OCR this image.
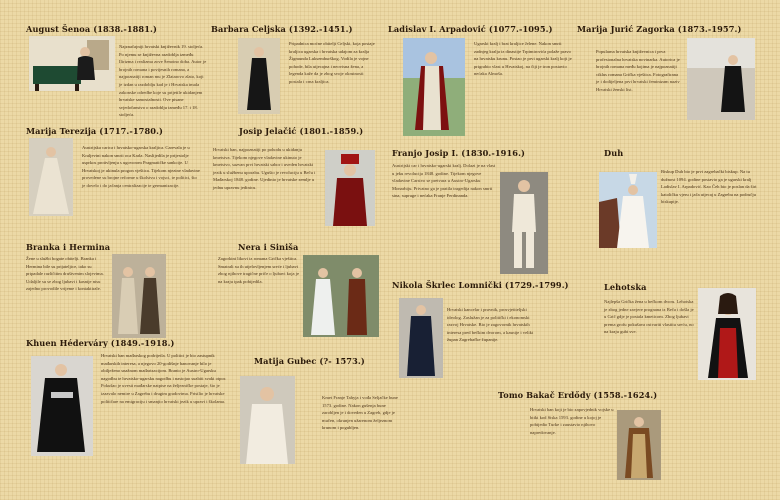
August Šenoa (1838.-1881.)
Najznačajniji hrvatski književnik 19. stoljeća. Po njemu se književna razdoblja između Ilirizma i realizma zove Šenoino doba. Autor je brojnih romana i povijesnih romana, a najpoznatiji roman mu je Zlatarovo zlato, koji je izdan u razdoblju kad je i Hrvatska imala zakonske odredbe koje su prijetile ukidanjem hrvatske samostalnosti. Ove pisane svjedočanstvo o razdoblju između 17. i 18. stoljeća.
Barbara Celjska (1392.-1451.)
Pripadnica moćne obitelji Celjski, koja postaje kraljica ugarska i hrvatska udajom za kralja Žigmunda Luksemburškog. Vodila je vojne pohode, bila utjecajna i neovisna žena, a legenda kaže da je zbog svoje okrutnosti postala i crna kraljica.
Ladislav I. Arpadović (1077.-1095.)
Ugarski kralj i brat kraljice Jelene. Nakon smrti zadnjeg kralja iz dinastije Trpimirovića polaže pravo na hrvatsku krunu. Postao je prvi ugarski kralj koji je prigrabio vlast u Hrvatskoj, na čiji je tron postavio nećaka Almoša.
Marija Jurić Zagorka (1873.-1957.)
Popularna hrvatska književnica i prva profesionalna hrvatska novinarka. Autorica je brojnih romana među kojima je najpoznatiji ciklus romana Grička vještica. Fotografirana je i dodijeljena prvi hrvatski feminizam naziv Hrvatski ženski list.
Marija Terezija (1717.-1780.)
Austrijska carica i hrvatsko-ugarska kraljica. Carevala je u Kraljevini nakon smrti oca Karla. Naslijedila je prijestolje usprkos protivljenju s ugovorom Pragmatičke sankcije. U Hrvatskoj je ukinula progon vještica. Tijekom njezine vladavine provedene su brojne reforme u školstvu i vojsci, te politici, što je dovelo i do jačanja centralizacije te germanizacije.
Josip Jelačić (1801.-1859.)
Hrvatski ban, najpoznatiji po pohodu u ukidanju kmetstva. Tijekom njegove vladavine ukinuto je kmetstvo, sazvan prvi hrvatski sabor i uveden hrvatski jezik u službenu uporabu. Ugušio je revoluciju u Beču i Mađarskoj 1848. godine. Ujedinio je hrvatske zemlje u jednu upravnu jedinicu.
Franjo Josip I. (1830.-1916.)
Austrijski car i hrvatsko-ugarski kralj. Dolazi je na vlast u jeku revolucija 1848. godine. Tijekom njegove vladavine Carstvo se pretvara u Austro-Ugarsku Monarhiju. Privatno ga je pratila tragedija nakon smrti sina, supruge i nećaka Franje Ferdinanda.
Duh
Biskup Duh bio je prvi zagrebački biskup. Na tu dužnost 1094. godine postavio ga je ugarski kralj Ladislav I. Arpadović. Kao Čeh bio je poslan da širi katoličku vjeru i jača utjecaj u Zagrebu na području biskupije.
Branka i Hermina
Žene u službi bogate obitelji. Branka i Hermina bile su prijateljice, iako su pripadale različitim društvenim slojevima. Udaljile su se zbog ljubavi i kasnije nisu zajedno provodile vrijeme i kontaktirale.
Nera i Siniša
Zagorkini likovi iz romana Grička vještica. Smatrali su ih utjelovljenjem sreće i ljubavi zbog njihove tragične priče o ljubavi koja je na kraju ipak pobijedila.	Nikola Škrlec Lomnički (1729.-1799.)
Hrvatski kancelar i pravnik, prosvjetiteljski ideolog. Zaslužan je za politički i ekonomski razvoj Hrvatske. Bio je zagovornik hrvatskih interesa pred bečkim dvorom, a kasnije i veliki župan Zagrebačke županije.
Lehotska
Najlepša Grička žena u bečkom dvoru. Lehotska je zbog jedne zavjere prognana iz Beča i došla je u Grič gdje je postala kmeticom. Zbog ljubavi prema grofu pokušava ostvariti vlastitu sreću, no na kraju gubi sve.
Khuen Héderváry (1849.-1918.)
Hrvatski ban mađarskog podrijetla. U politici je bio zastupnik mađarskih interesa, a njegovo 20-godišnje banovanje bilo je obilježeno snažnom mađarizacijom. Branio je Austro-Ugarsku nagodbu te hrvatsko-ugarsku nagodbu i nastojao suzbiti svaki otpor. Pokušao je uvesti mađarske natpise na željezničke postaje, što je izazvalo nemire u Zagrebu i drugim gradovima. Prisilio je hrvatske političare na emigraciju i smanjio hrvatski jezik u upravi i školama.
Matija Gubec (?- 1573.)
Kmet Franje Tahyja i vođa Seljačke bune 1573. godine. Nakon gušenja bune zarobljen je i doveden u Zagreb, gdje je mučen, okrunjen užarenom željeznom krunom i pogubljen.
Tomo Bakač Erdődy (1558.-1624.)
Hrvatski ban koji je bio zapovjednik vojske u bitki kod Siska 1593. godine u kojoj je pobijedio Turke i zaustavio njihovo napredovanje.
